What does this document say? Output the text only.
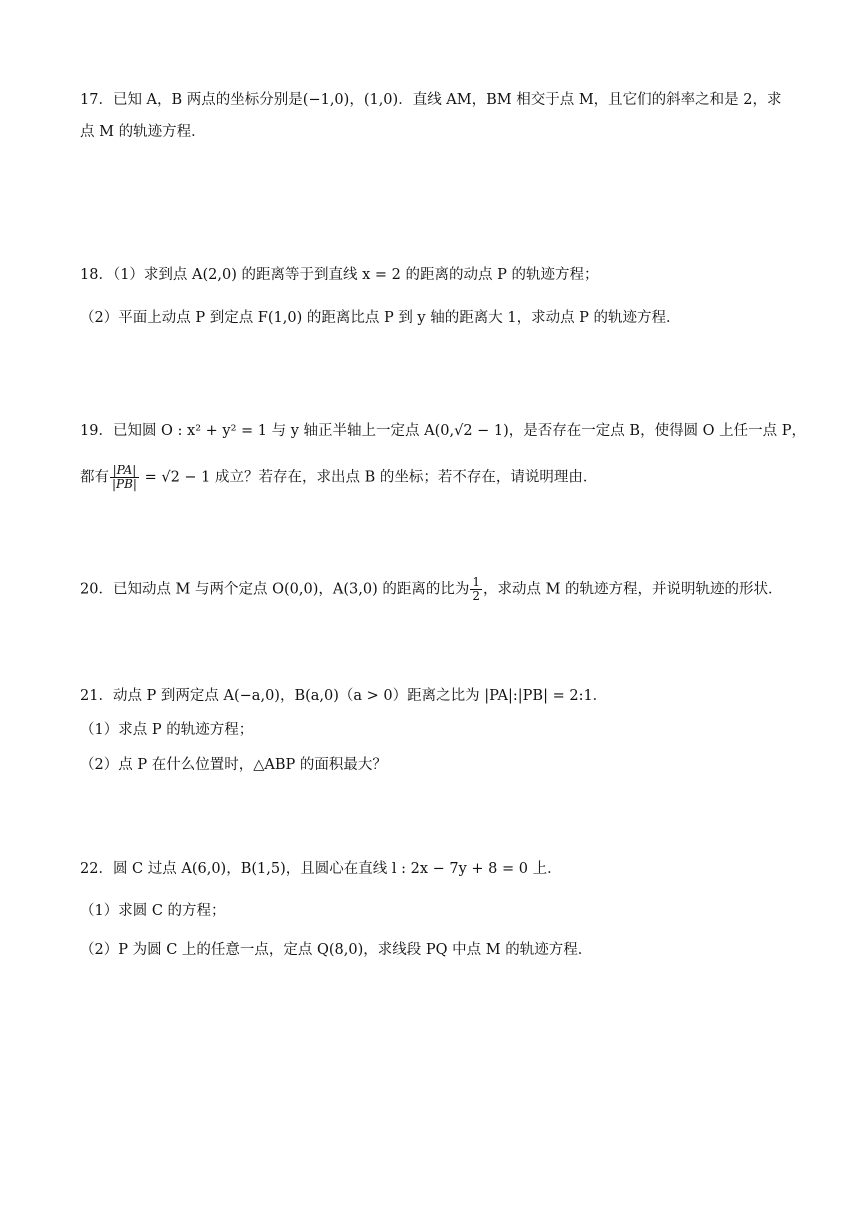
17．已知 A，B 两点的坐标分别是(−1,0)，(1,0)．直线 AM，BM 相交于点 M，且它们的斜率之和是 2，求
点 M 的轨迹方程．
18．（1）求到点 A(2,0) 的距离等于到直线 x = 2 的距离的动点 P 的轨迹方程；
（2）平面上动点 P 到定点 F(1,0) 的距离比点 P 到 y 轴的距离大 1，求动点 P 的轨迹方程．
19．已知圆 O : x² + y² = 1 与 y 轴正半轴上一定点 A(0,√2 − 1)，是否存在一定点 B，使得圆 O 上任一点 P，
都有 $\frac{|PA|}{|PB|} = √2 - 1$ 成立？若存在，求出点 B 的坐标；若不存在，请说明理由．
20．已知动点 M 与两个定点 O(0,0)，A(3,0) 的距离的比为 $\frac{1}{2}$ ，求动点 M 的轨迹方程，并说明轨迹的形状．
21．动点 P 到两定点 A(−a,0)，B(a,0)（a > 0）距离之比为 |PA|:|PB| = 2:1．
（1）求点 P 的轨迹方程；
（2）点 P 在什么位置时，△ABP 的面积最大？
22．圆 C 过点 A(6,0)，B(1,5)，且圆心在直线 l : 2x − 7y + 8 = 0 上．
（1）求圆 C 的方程；
（2）P 为圆 C 上的任意一点，定点 Q(8,0)，求线段 PQ 中点 M 的轨迹方程．
